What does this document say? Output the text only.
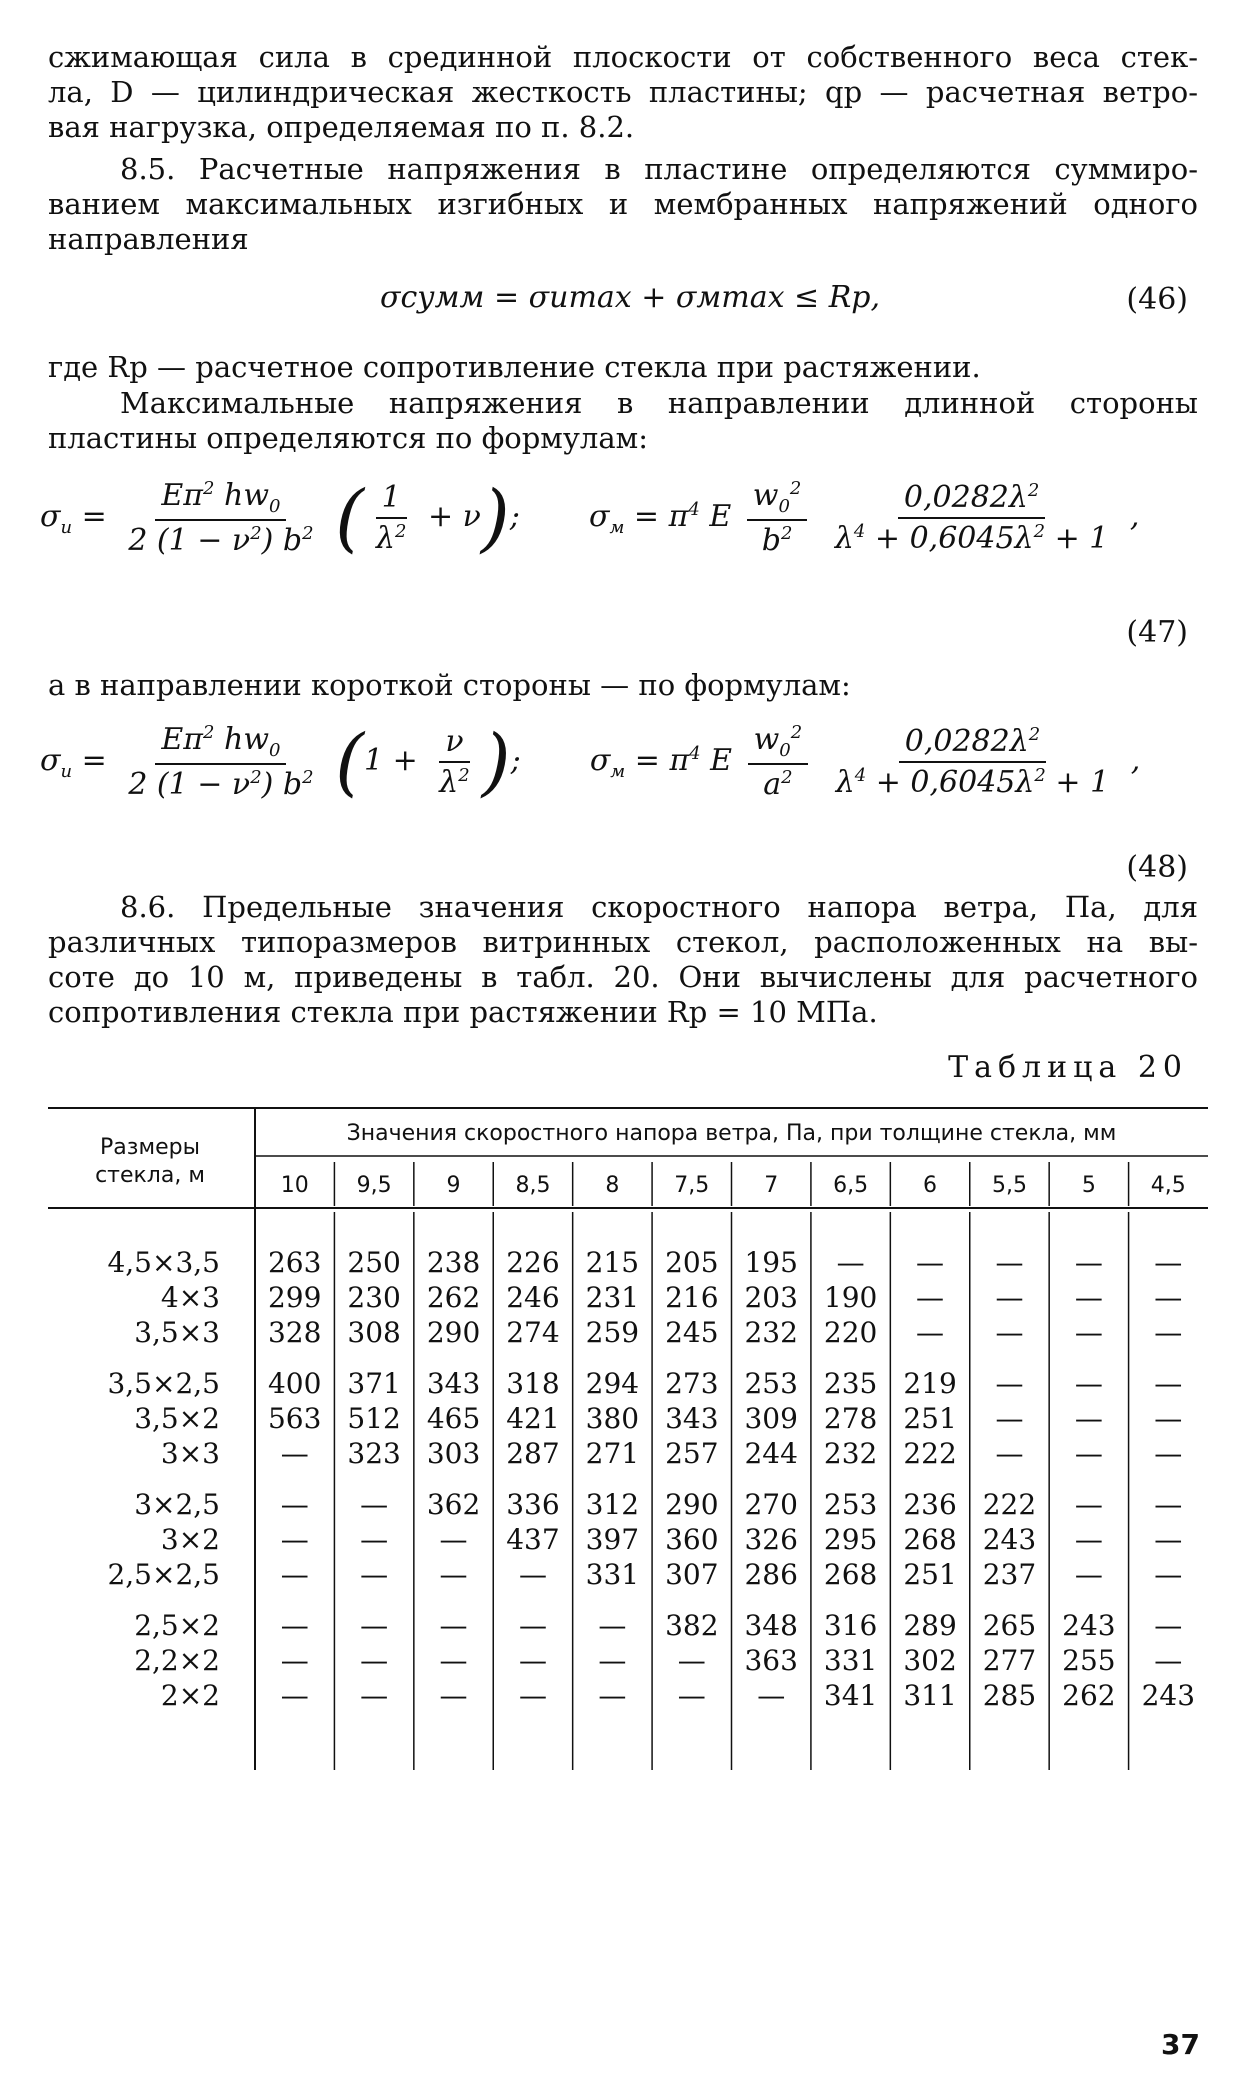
сжимающая сила в срединной плоскости от собственного веса стек-
ла, D — цилиндрическая жесткость пластины; qр — расчетная ветро-
вая нагрузка, определяемая по п. 8.2.
8.5. Расчетные напряжения в пластине определяются суммиро-
ванием максимальных изгибных и мембранных напряжений одного
направления
σсумм = σиmax + σмmax ≤ Rp,	(46)
где Rp — расчетное сопротивление стекла при растяжении.
Максимальные напряжения в направлении длинной стороны
пластины определяются по формулам:
$\sigma_и = \frac{E\pi^2 hw_0}{2 (1 - \nu^2) b^2}$ ( $\frac{1}{\lambda^2} + \nu$);  $\sigma_м = \pi^4$ E $\frac{w_0^2}{b^2}$
$\frac{0,0282\lambda^2}{\lambda^4 + 0,6045\lambda^2 + 1}$ ,
(47)
а в направлении короткой стороны — по формулам:
$\sigma_и = \frac{E\pi^2 hw_0}{2 (1 - \nu^2) b^2} (1 + \frac{\nu}{\lambda^2}$ );  $\sigma_м = \pi^4$ E $\frac{w_0^2}{a^2}$
$\frac{0,0282\lambda^2}{\lambda^4 + 0,6045\lambda^2 + 1}$ ,
(48)
8.6. Предельные значения скоростного напора ветра, Па, для
различных типоразмеров витринных стекол, расположенных на вы-
соте до 10 м, приведены в табл. 20. Они вычислены для расчетного
сопротивления стекла при растяжении Rр = 10 МПа.
Таблица 20
Размеры
стекла, м
Значения скоростного напора ветра, Па, при толщине стекла, мм
10 9,5 9 8,5 8 7,5 7 6,5 6 5,5 5 4,5
4,5×3,5 263 250 238 226 215 205 195 — — — — —
4×3 299 230 262 246 231 216 203 190 — — — —
3,5×3 328 308 290 274 259 245 232 220 — — — —
3,5×2,5 400 371 343 318 294 273 253 235 219 — — —
3,5×2 563 512 465 421 380 343 309 278 251 — — —
3×3 — 323 303 287 271 257 244 232 222 — — —
3×2,5 — — 362 336 312 290 270 253 236 222 — —
3×2 — — — 437 397 360 326 295 268 243 — —
2,5×2,5 — — — — 331 307 286 268 251 237 — —
2,5×2 — — — — — 382 348 316 289 265 243 —
2,2×2 — — — — — — 363 331 302 277 255 —
2×2 — — — — — — — 341 311 285 262 243
37
